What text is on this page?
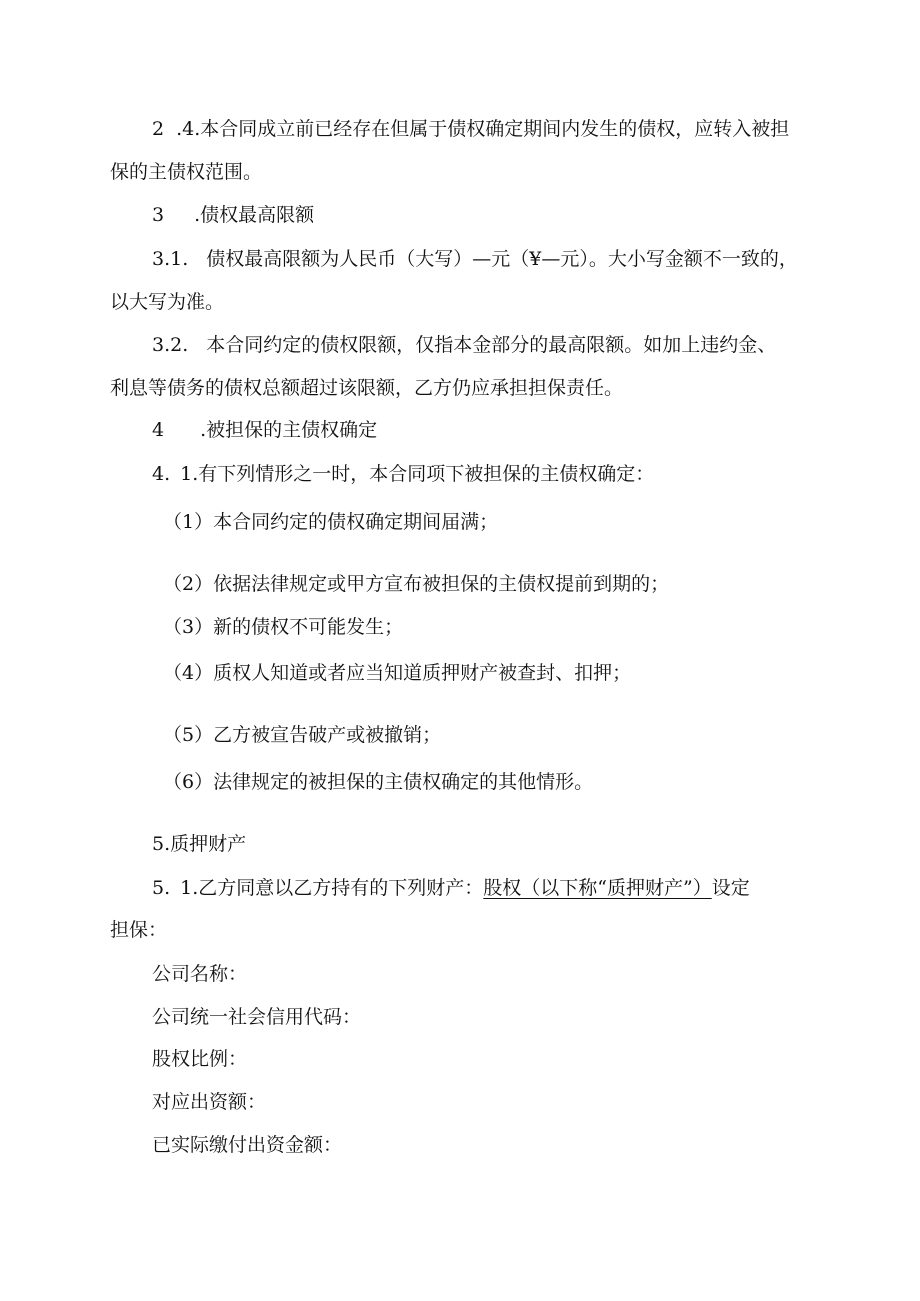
2 .4.本合同成立前已经存在但属于债权确定期间内发生的债权，应转入被担
保的主债权范围。
3 .债权最高限额
3.1. 债权最高限额为人民币（大写）—元（¥—元）。大小写金额不一致的，
以大写为准。
3.2. 本合同约定的债权限额，仅指本金部分的最高限额。如加上违约金、
利息等债务的债权总额超过该限额，乙方仍应承担担保责任。
4 .被担保的主债权确定
4. 1.有下列情形之一时，本合同项下被担保的主债权确定：
（1）本合同约定的债权确定期间届满；
（2）依据法律规定或甲方宣布被担保的主债权提前到期的；
（3）新的债权不可能发生；
（4）质权人知道或者应当知道质押财产被查封、扣押；
（5）乙方被宣告破产或被撤销；
（6）法律规定的被担保的主债权确定的其他情形。
5.质押财产
5. 1.乙方同意以乙方持有的下列财产：股权（以下称“质押财产”）设定
担保：
公司名称：
公司统一社会信用代码：
股权比例：
对应出资额：
已实际缴付出资金额：
